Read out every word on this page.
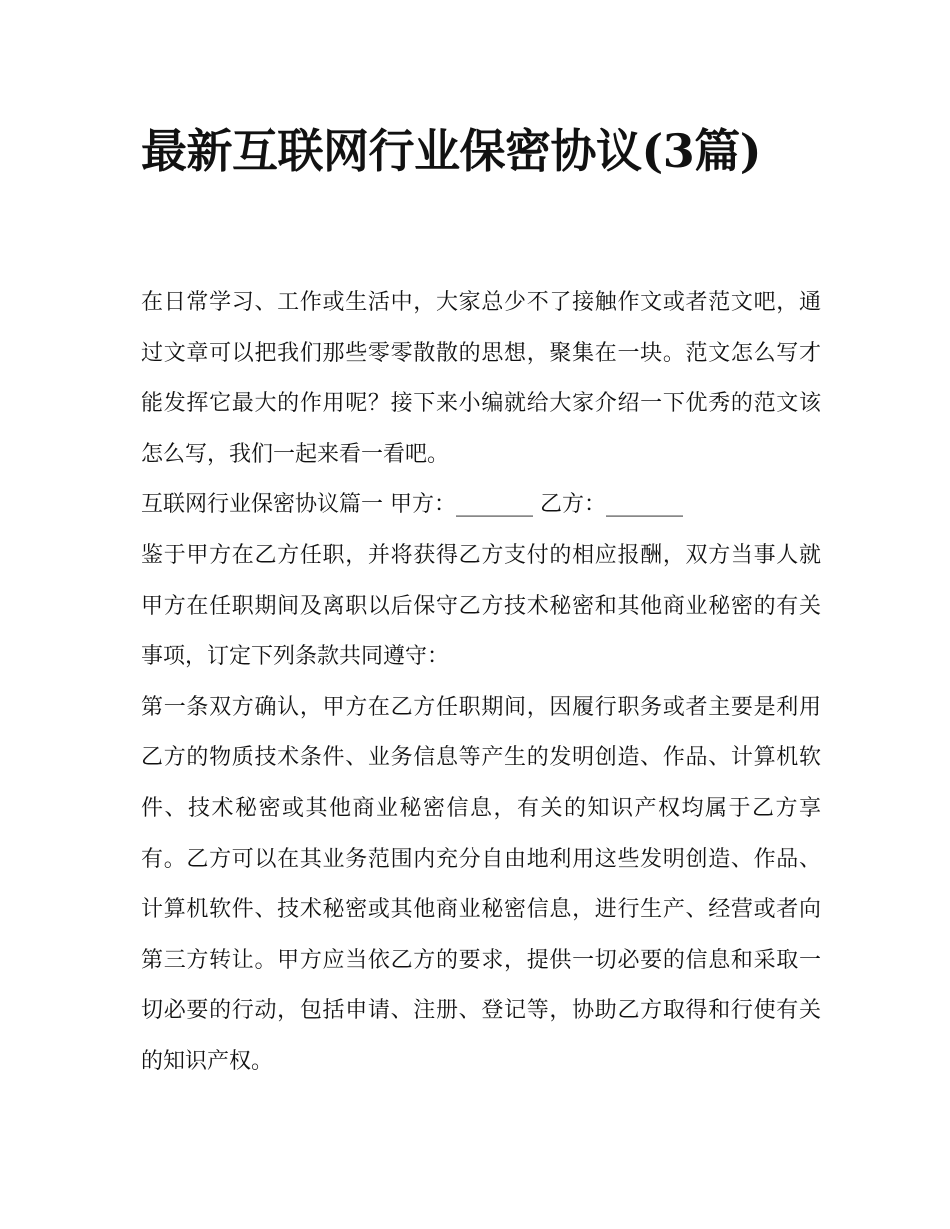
最新互联网行业保密协议(3篇)

在日常学习、工作或生活中，大家总少不了接触作文或者范文吧，通过文章可以把我们那些零零散散的思想，聚集在一块。范文怎么写才能发挥它最大的作用呢？接下来小编就给大家介绍一下优秀的范文该怎么写，我们一起来看一看吧。

互联网行业保密协议篇一 甲方：_______ 乙方：_______

鉴于甲方在乙方任职，并将获得乙方支付的相应报酬，双方当事人就甲方在任职期间及离职以后保守乙方技术秘密和其他商业秘密的有关事项，订定下列条款共同遵守：

第一条双方确认，甲方在乙方任职期间，因履行职务或者主要是利用乙方的物质技术条件、业务信息等产生的发明创造、作品、计算机软件、技术秘密或其他商业秘密信息，有关的知识产权均属于乙方享有。乙方可以在其业务范围内充分自由地利用这些发明创造、作品、计算机软件、技术秘密或其他商业秘密信息，进行生产、经营或者向第三方转让。甲方应当依乙方的要求，提供一切必要的信息和采取一切必要的行动，包括申请、注册、登记等，协助乙方取得和行使有关的知识产权。
